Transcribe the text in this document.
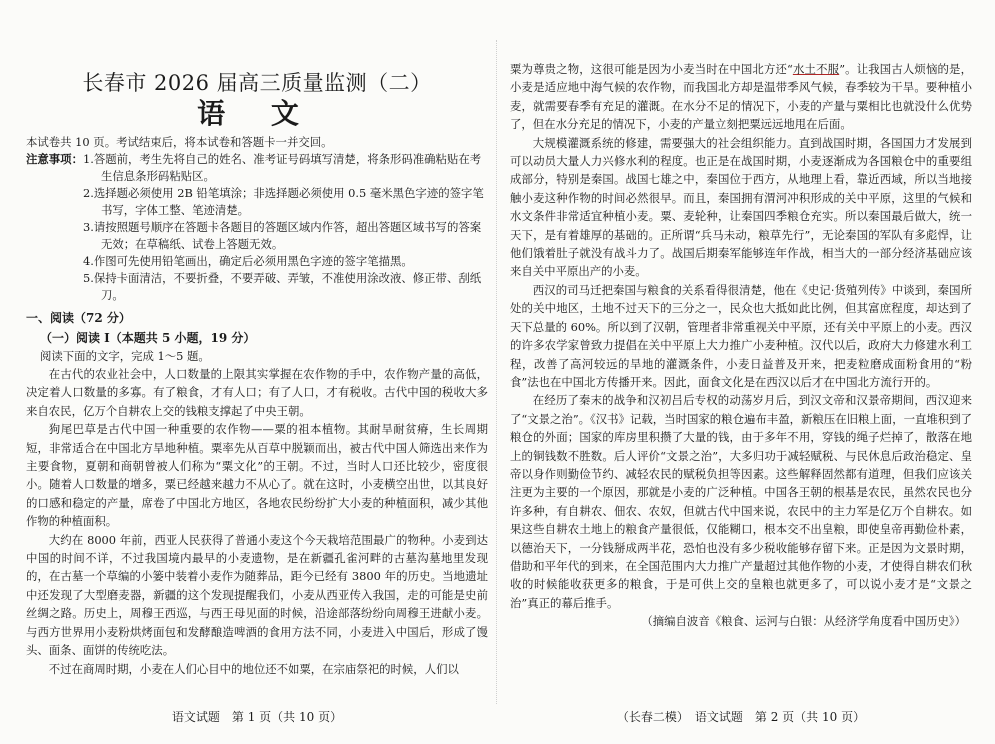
长春市 2026 届高三质量监测（二）
语 文
本试卷共 10 页。考试结束后，将本试卷和答题卡一并交回。
注意事项： 1.答题前，考生先将自己的姓名、准考证号码填写清楚，将条形码准确粘贴在考生信息条形码粘贴区。
2.选择题必须使用 2B 铅笔填涂；非选择题必须使用 0.5 毫米黑色字迹的签字笔书写，字体工整、笔迹清楚。
3.请按照题号顺序在答题卡各题目的答题区域内作答，超出答题区域书写的答案无效；在草稿纸、试卷上答题无效。
4.作图可先使用铅笔画出，确定后必须用黑色字迹的签字笔描黑。
5.保持卡面清洁，不要折叠，不要弄破、弄皱，不准使用涂改液、修正带、刮纸刀。
一、阅读（72 分）
（一）阅读 I（本题共 5 小题，19 分）
阅读下面的文字，完成 1～5 题。

在古代的农业社会中，人口数量的上限其实掌握在农作物的手中，农作物产量的高低，决定着人口数量的多寡。有了粮食，才有人口；有了人口，才有税收。古代中国的税收大多来自农民，亿万个自耕农上交的钱粮支撑起了中央王朝。

狗尾巴草是古代中国一种重要的农作物——粟的祖本植物。其耐旱耐贫瘠，生长周期短，非常适合在中国北方旱地种植。粟率先从百草中脱颖而出，被古代中国人筛选出来作为主要食物，夏朝和商朝曾被人们称为“粟文化”的王朝。不过，当时人口还比较少，密度很小。随着人口数量的增多，粟已经越来越力不从心了。就在这时，小麦横空出世，以其良好的口感和稳定的产量，席卷了中国北方地区，各地农民纷纷扩大小麦的种植面积，减少其他作物的种植面积。

大约在 8000 年前，西亚人民获得了普通小麦这个今天栽培范围最广的物种。小麦到达中国的时间不详，不过我国境内最早的小麦遗物，是在新疆孔雀河畔的古墓沟墓地里发现的，在古墓一个草编的小篓中装着小麦作为随葬品，距今已经有 3800 年的历史。当地遗址中还发现了大型磨麦器，新疆的这个发现提醒我们，小麦从西亚传入我国，走的可能是史前丝绸之路。历史上，周穆王西巡，与西王母见面的时候，沿途部落纷纷向周穆王进献小麦。与西方世界用小麦粉烘烤面包和发酵酿造啤酒的食用方法不同，小麦进入中国后，形成了馒头、面条、面饼的传统吃法。

不过在商周时期，小麦在人们心目中的地位还不如粟，在宗庙祭祀的时候，人们以

语文试题　第 1 页（共 10 页）

粟为尊贵之物，这很可能是因为小麦当时在中国北方还“水土不服”。让我国古人烦恼的是，小麦是适应地中海气候的农作物，而我国北方却是温带季风气候，春季较为干旱。要种植小麦，就需要春季有充足的灌溉。在水分不足的情况下，小麦的产量与粟相比也就没什么优势了，但在水分充足的情况下，小麦的产量立刻把粟远远地甩在后面。

大规模灌溉系统的修建，需要强大的社会组织能力。直到战国时期，各国国力才发展到可以动员大量人力兴修水利的程度。也正是在战国时期，小麦逐渐成为各国粮仓中的重要组成部分，特别是秦国。战国七雄之中，秦国位于西方，从地理上看，靠近西域，所以当地接触小麦这种作物的时间必然很早。而且，秦国拥有渭河冲积形成的关中平原，这里的气候和水文条件非常适宜种植小麦。粟、麦轮种，让秦国四季粮仓充实。所以秦国最后做大，统一天下，是有着雄厚的基础的。正所谓“兵马未动，粮草先行”，无论秦国的军队有多彪悍，让他们饿着肚子就没有战斗力了。战国后期秦军能够连年作战，相当大的一部分经济基础应该来自关中平原出产的小麦。

西汉的司马迁把秦国与粮食的关系看得很清楚，他在《史记·货殖列传》中谈到，秦国所处的关中地区，土地不过天下的三分之一，民众也大抵如此比例，但其富庶程度，却达到了天下总量的 60%。所以到了汉朝，管理者非常重视关中平原，还有关中平原上的小麦。西汉的许多农学家曾致力提倡在关中平原上大力推广小麦种植。汉代以后，政府大力修建水利工程，改善了高河较远的旱地的灌溉条件，小麦日益普及开来，把麦粒磨成面粉食用的“粉食”法也在中国北方传播开来。因此，面食文化是在西汉以后才在中国北方流行开的。

在经历了秦末的战争和汉初吕后专权的动荡岁月后，到汉文帝和汉景帝期间，西汉迎来了“文景之治”。《汉书》记载，当时国家的粮仓遍布丰盈，新粮压在旧粮上面，一直堆积到了粮仓的外面；国家的库房里积攒了大量的钱，由于多年不用，穿钱的绳子烂掉了，散落在地上的铜钱数不胜数。后人评价“文景之治”，大多归功于减轻赋税、与民休息后政治稳定、皇帝以身作则勤俭节约、减轻农民的赋税负担等因素。这些解释固然都有道理，但我们应该关注更为主要的一个原因，那就是小麦的广泛种植。中国各王朝的根基是农民，虽然农民也分许多种，有自耕农、佃农、农奴，但就古代中国来说，农民中的主力军是亿万个自耕农。如果这些自耕农土地上的粮食产量很低，仅能糊口，根本交不出皇粮，即使皇帝再勤俭朴素，以德治天下，一分钱掰成两半花，恐怕也没有多少税收能够存留下来。正是因为文景时期，借助和平年代的到来，在全国范围内大力推广产量超过其他作物的小麦，才使得自耕农们秋收的时候能收获更多的粮食，于是可供上交的皇粮也就更多了，可以说小麦才是“文景之治”真正的幕后推手。

（摘编自波音《粮食、运河与白银：从经济学角度看中国历史》）
（长春二模）　语文试题　第 2 页（共 10 页）
